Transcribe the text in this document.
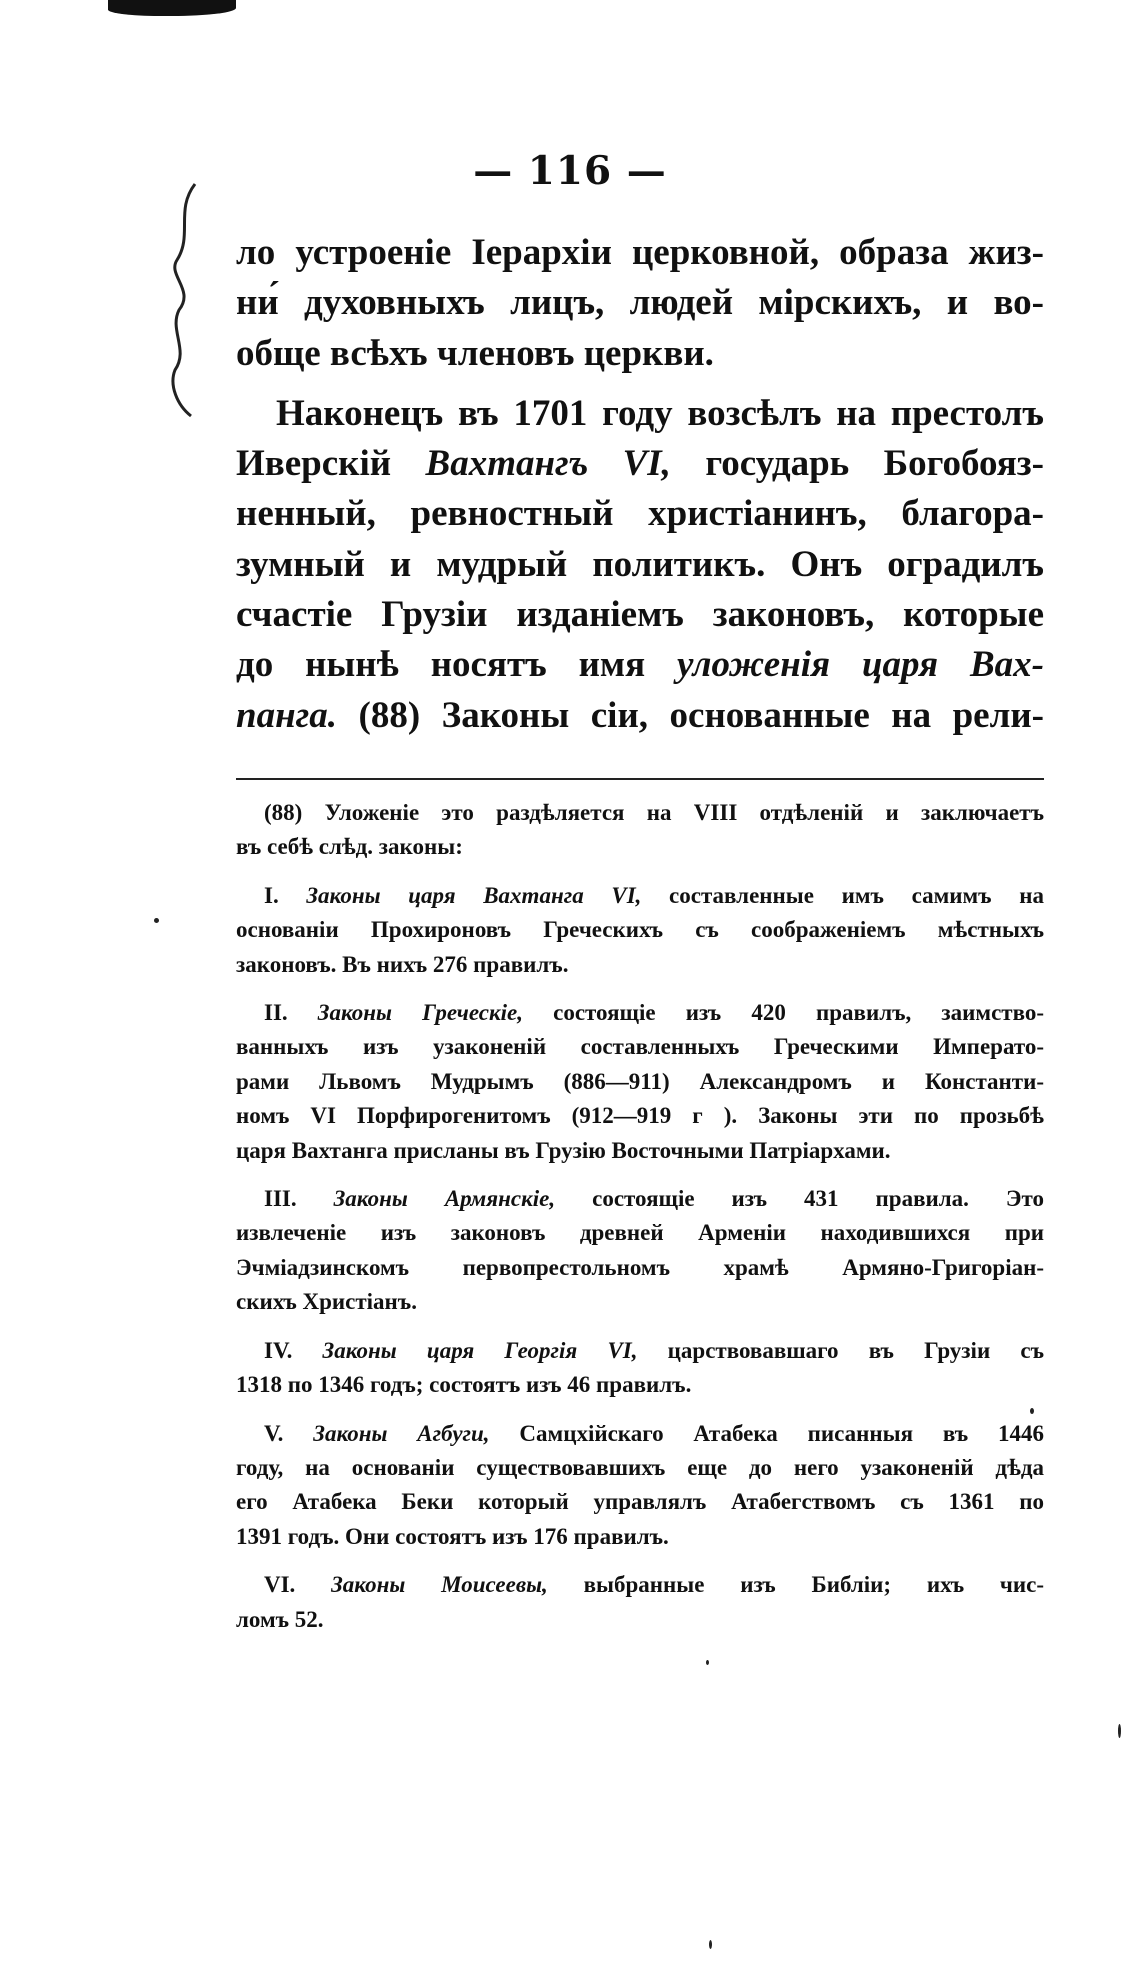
— 116 —
ло устроеніе Іерархіи церковной, образа жиз-
ни́ духовныхъ лицъ, людей мірскихъ, и во-
обще всѣхъ членовъ церкви.
Наконецъ въ 1701 году возсѣлъ на престолъ
Иверскій Вахтангъ VI, государь Богобояз-
ненный, ревностный христіанинъ, благора-
зумный и мудрый политикъ. Онъ оградилъ
счастіе Грузіи изданіемъ законовъ, которые
до нынѣ носятъ имя уложенія царя Вах-
панга. (88) Законы сіи, основанные на рели-
(88) Уложеніе это раздѣляется на VIII отдѣленій и заключаетъ
въ себѣ слѣд. законы:
I. Законы царя Вахтанга VI, составленные имъ самимъ на
основаніи Прохироновъ Греческихъ съ соображеніемъ мѣстныхъ
законовъ. Въ нихъ 276 правилъ.
II. Законы Греческіе, состоящіе изъ 420 правилъ, заимство-
ванныхъ изъ узаконеній составленныхъ Греческими Императо-
рами Львомъ Мудрымъ (886—911) Александромъ и Константи-
номъ VI Порфирогенитомъ (912—919 г ). Законы эти по прозьбѣ
царя Вахтанга присланы въ Грузію Восточными Патріархами.
III. Законы Армянскіе, состоящіе изъ 431 правила. Это
извлеченіе изъ законовъ древней Арменіи находившихся при
Эчміадзинскомъ первопрестольномъ храмѣ Армяно-Григоріан-
скихъ Христіанъ.
IV. Законы царя Георгія VI, царствовавшаго въ Грузіи съ
1318 по 1346 годъ; состоятъ изъ 46 правилъ.
V. Законы Агбуги, Самцхійскаго Атабека писанныя въ 1446
году, на основаніи существовавшихъ еще до него узаконеній дѣда
его Атабека Беки который управлялъ Атабегствомъ съ 1361 по
1391 годъ. Они состоятъ изъ 176 правилъ.
VI. Законы Моисеевы, выбранные изъ Библіи; ихъ чис-
ломъ 52.
